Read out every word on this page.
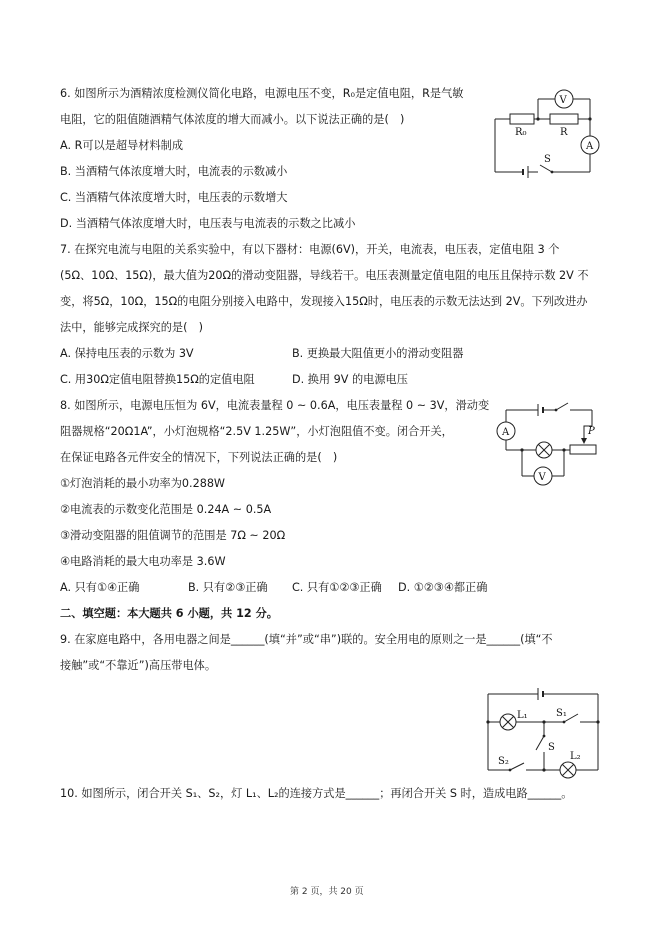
6. 如图所示为酒精浓度检测仪简化电路，电源电压不变，R₀是定值电阻，R是气敏
电阻，它的阻值随酒精气体浓度的增大而减小。以下说法正确的是(　)
A. R可以是超导材料制成
B. 当酒精气体浓度增大时，电流表的示数减小
C. 当酒精气体浓度增大时，电压表的示数增大
D. 当酒精气体浓度增大时，电压表与电流表的示数之比减小
V
R₀	R
A
S
7. 在探究电流与电阻的关系实验中，有以下器材：电源(6V)，开关，电流表，电压表，定值电阻 3 个
(5Ω、10Ω、15Ω)，最大值为20Ω的滑动变阻器，导线若干。电压表测量定值电阻的电压且保持示数 2V 不
变，将5Ω，10Ω，15Ω的电阻分别接入电路中，发现接入15Ω时，电压表的示数无法达到 2V。下列改进办
法中，能够完成探究的是(　)
A. 保持电压表的示数为 3V	B. 更换最大阻值更小的滑动变阻器
C. 用30Ω定值电阻替换15Ω的定值电阻	D. 换用 9V 的电源电压
8. 如图所示，电源电压恒为 6V，电流表量程 0 ~ 0.6A，电压表量程 0 ~ 3V，滑动变
阻器规格“20Ω1A”，小灯泡规格“2.5V 1.25W”，小灯泡阻值不变。闭合开关，
在保证电路各元件安全的情况下，下列说法正确的是(　)
①灯泡消耗的最小功率为0.288W
②电流表的示数变化范围是 0.24A ~ 0.5A
③滑动变阻器的阻值调节的范围是 7Ω ~ 20Ω
④电路消耗的最大电功率是 3.6W
A. 只有①④正确	B. 只有②③正确 C. 只有①②③正确 D. ①②③④都正确
A	P
V
二、填空题：本大题共 6 小题，共 12 分。
9. 在家庭电路中，各用电器之间是______(填“并”或“串”)联的。安全用电的原则之一是______(填“不
接触”或“不靠近”)高压带电体。
L₁	S₁
S
S₂	L₂
10. 如图所示，闭合开关 S₁、S₂，灯 L₁、L₂的连接方式是______；再闭合开关 S 时，造成电路______。
第 2 页，共 20 页
